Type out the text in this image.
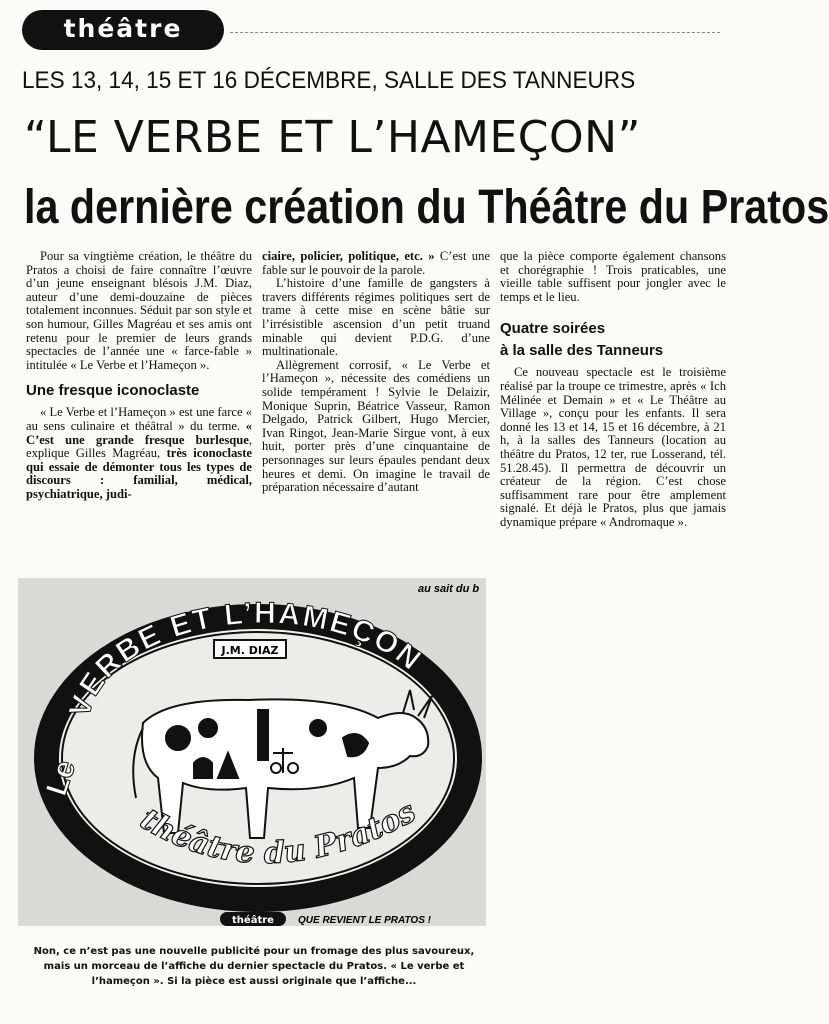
théâtre
LES 13, 14, 15 ET 16 DÉCEMBRE, SALLE DES TANNEURS
“LE VERBE ET L’HAMEÇON”
la dernière création du Théâtre du Pratos

Pour sa vingtième création, le théâtre du Pratos a choisi de faire connaître l’œuvre d’un jeune enseignant blésois J.M. Diaz, auteur d’une demi-douzaine de pièces totalement inconnues. Séduit par son style et son humour, Gilles Magréau et ses amis ont retenu pour le premier de leurs grands spectacles de l’année une « farce-fable » intitulée « Le Verbe et l’Hameçon ».

Une fresque iconoclaste

« Le Verbe et l’Hameçon » est une farce « au sens culinaire et théâtral » du terme. « C’est une grande fresque burlesque, explique Gilles Magréau, très iconoclaste qui essaie de démonter tous les types de discours : familial, médical, psychiatrique, judi-

ciaire, policier, politique, etc. » C’est une fable sur le pouvoir de la parole.

L’histoire d’une famille de gangsters à travers différents régimes politiques sert de trame à cette mise en scène bâtie sur l’irrésistible ascension d’un petit truand minable qui devient P.D.G. d’une multinationale.

Allègrement corrosif, « Le Verbe et l’Hameçon », nécessite des comédiens un solide tempérament ! Sylvie le Delaizir, Monique Suprin, Béatrice Vasseur, Ramon Delgado, Patrick Gilbert, Hugo Mercier, Ivan Ringot, Jean-Marie Sirgue vont, à eux huit, porter près d’une cinquantaine de personnages sur leurs épaules pendant deux heures et demi. On imagine le travail de préparation nécessaire d’autant

que la pièce comporte également chansons et chorégraphie ! Trois praticables, une vieille table suffisent pour jongler avec le temps et le lieu.

Quatre soirées
à la salle des Tanneurs

Ce nouveau spectacle est le troisième réalisé par la troupe ce trimestre, après « Ich Mélinée et Demain » et « Le Théâtre au Village », conçu pour les enfants. Il sera donné les 13 et 14, 15 et 16 décembre, à 21 h, à la salles des Tanneurs (location au théâtre du Pratos, 12 ter, rue Losserand, tél. 51.28.45). Il permettra de découvrir un créateur de la région. C’est chose suffisamment rare pour être amplement signalé. Et déjà le Pratos, plus que jamais dynamique prépare « Andromaque ».

VERBE ET L’HAMEÇON
Le
J.M. DIAZ
théâtre du Pratos
au sait du b
théâtre QUE REVIENT LE PRATOS !
Non, ce n’est pas une nouvelle publicité pour un fromage des plus savoureux, mais un morceau de l’affiche du dernier spectacle du Pratos. « Le verbe et l’hameçon ». Si la pièce est aussi originale que l’affiche...
